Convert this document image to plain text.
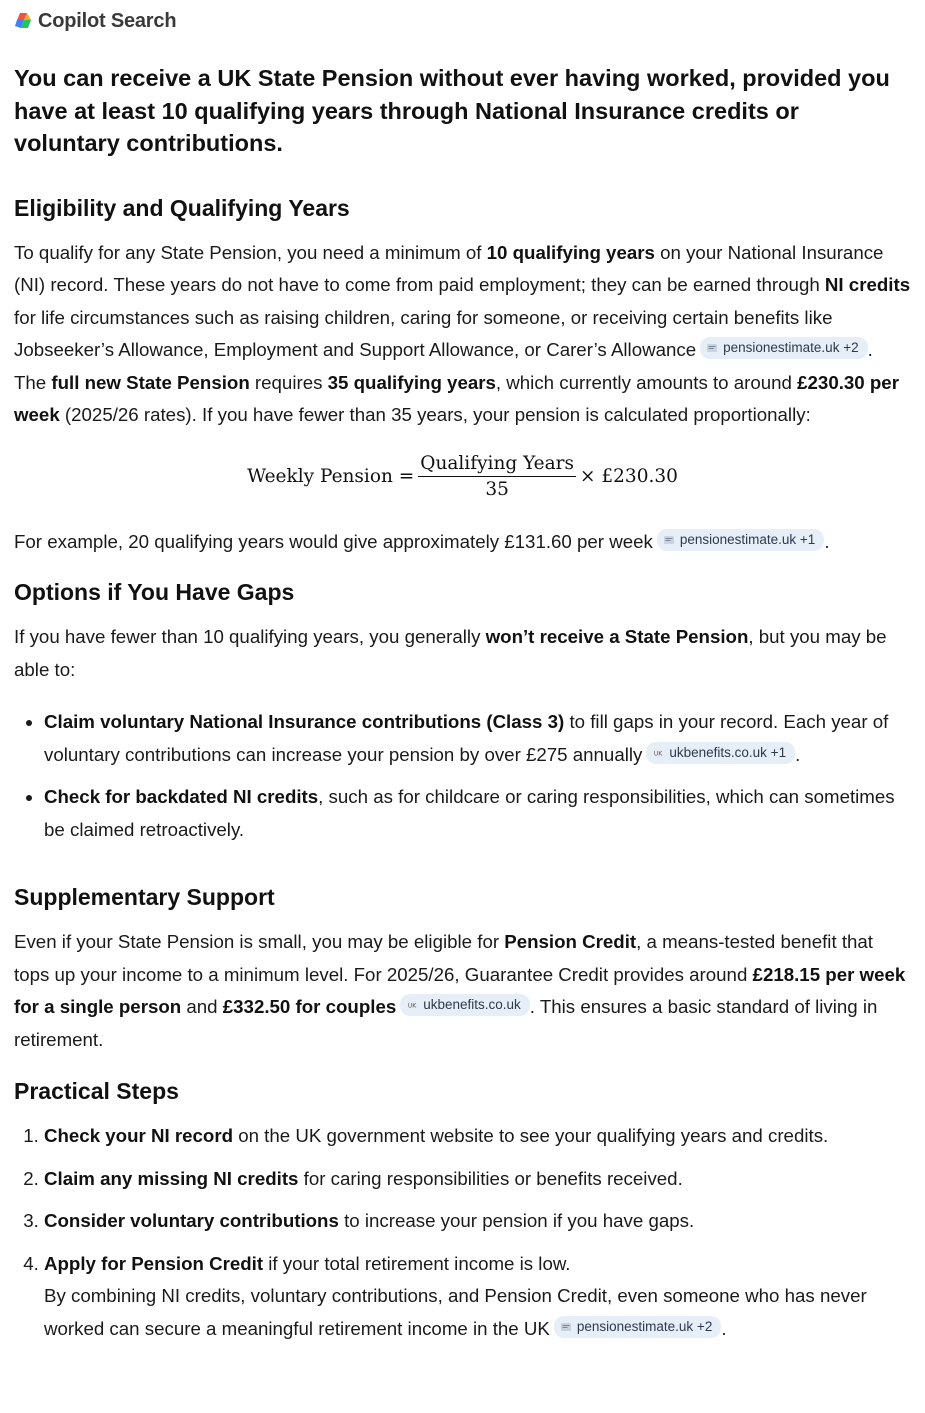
Copilot Search
You can receive a UK State Pension without ever having worked, provided you have at least 10 qualifying years through National Insurance credits or voluntary contributions.
Eligibility and Qualifying Years

To qualify for any State Pension, you need a minimum of 10 qualifying years on your National Insurance (NI) record. These years do not have to come from paid employment; they can be earned through NI credits for life circumstances such as raising children, caring for someone, or receiving certain benefits like Jobseeker’s Allowance, Employment and Support Allowance, or Carer’s Allowance pensionestimate.uk +2 .

The full new State Pension requires 35 qualifying years, which currently amounts to around £230.30 per week (2025/26 rates). If you have fewer than 35 years, your pension is calculated proportionally:

Weekly Pension = $\frac{\text{Qualifying Years}}{35}$ × £230.30

For example, 20 qualifying years would give approximately £131.60 per week pensionestimate.uk +1 .

Options if You Have Gaps

If you have fewer than 10 qualifying years, you generally won’t receive a State Pension, but you may be able to:

• Claim voluntary National Insurance contributions (Class 3) to fill gaps in your record. Each year of voluntary contributions can increase your pension by over £275 annually UK ukbenefits.co.uk +1 .
• Check for backdated NI credits, such as for childcare or caring responsibilities, which can sometimes be claimed retroactively.
Supplementary Support

Even if your State Pension is small, you may be eligible for Pension Credit, a means-tested benefit that tops up your income to a minimum level. For 2025/26, Guarantee Credit provides around £218.15 per week for a single person and £332.50 for couples UK ukbenefits.co.uk . This ensures a basic standard of living in retirement.

Practical Steps
1. Check your NI record on the UK government website to see your qualifying years and credits.
2. Claim any missing NI credits for caring responsibilities or benefits received.
3. Consider voluntary contributions to increase your pension if you have gaps.
4. Apply for Pension Credit if your total retirement income is low.
By combining NI credits, voluntary contributions, and Pension Credit, even someone who has never worked can secure a meaningful retirement income in the UK pensionestimate.uk +2 .
